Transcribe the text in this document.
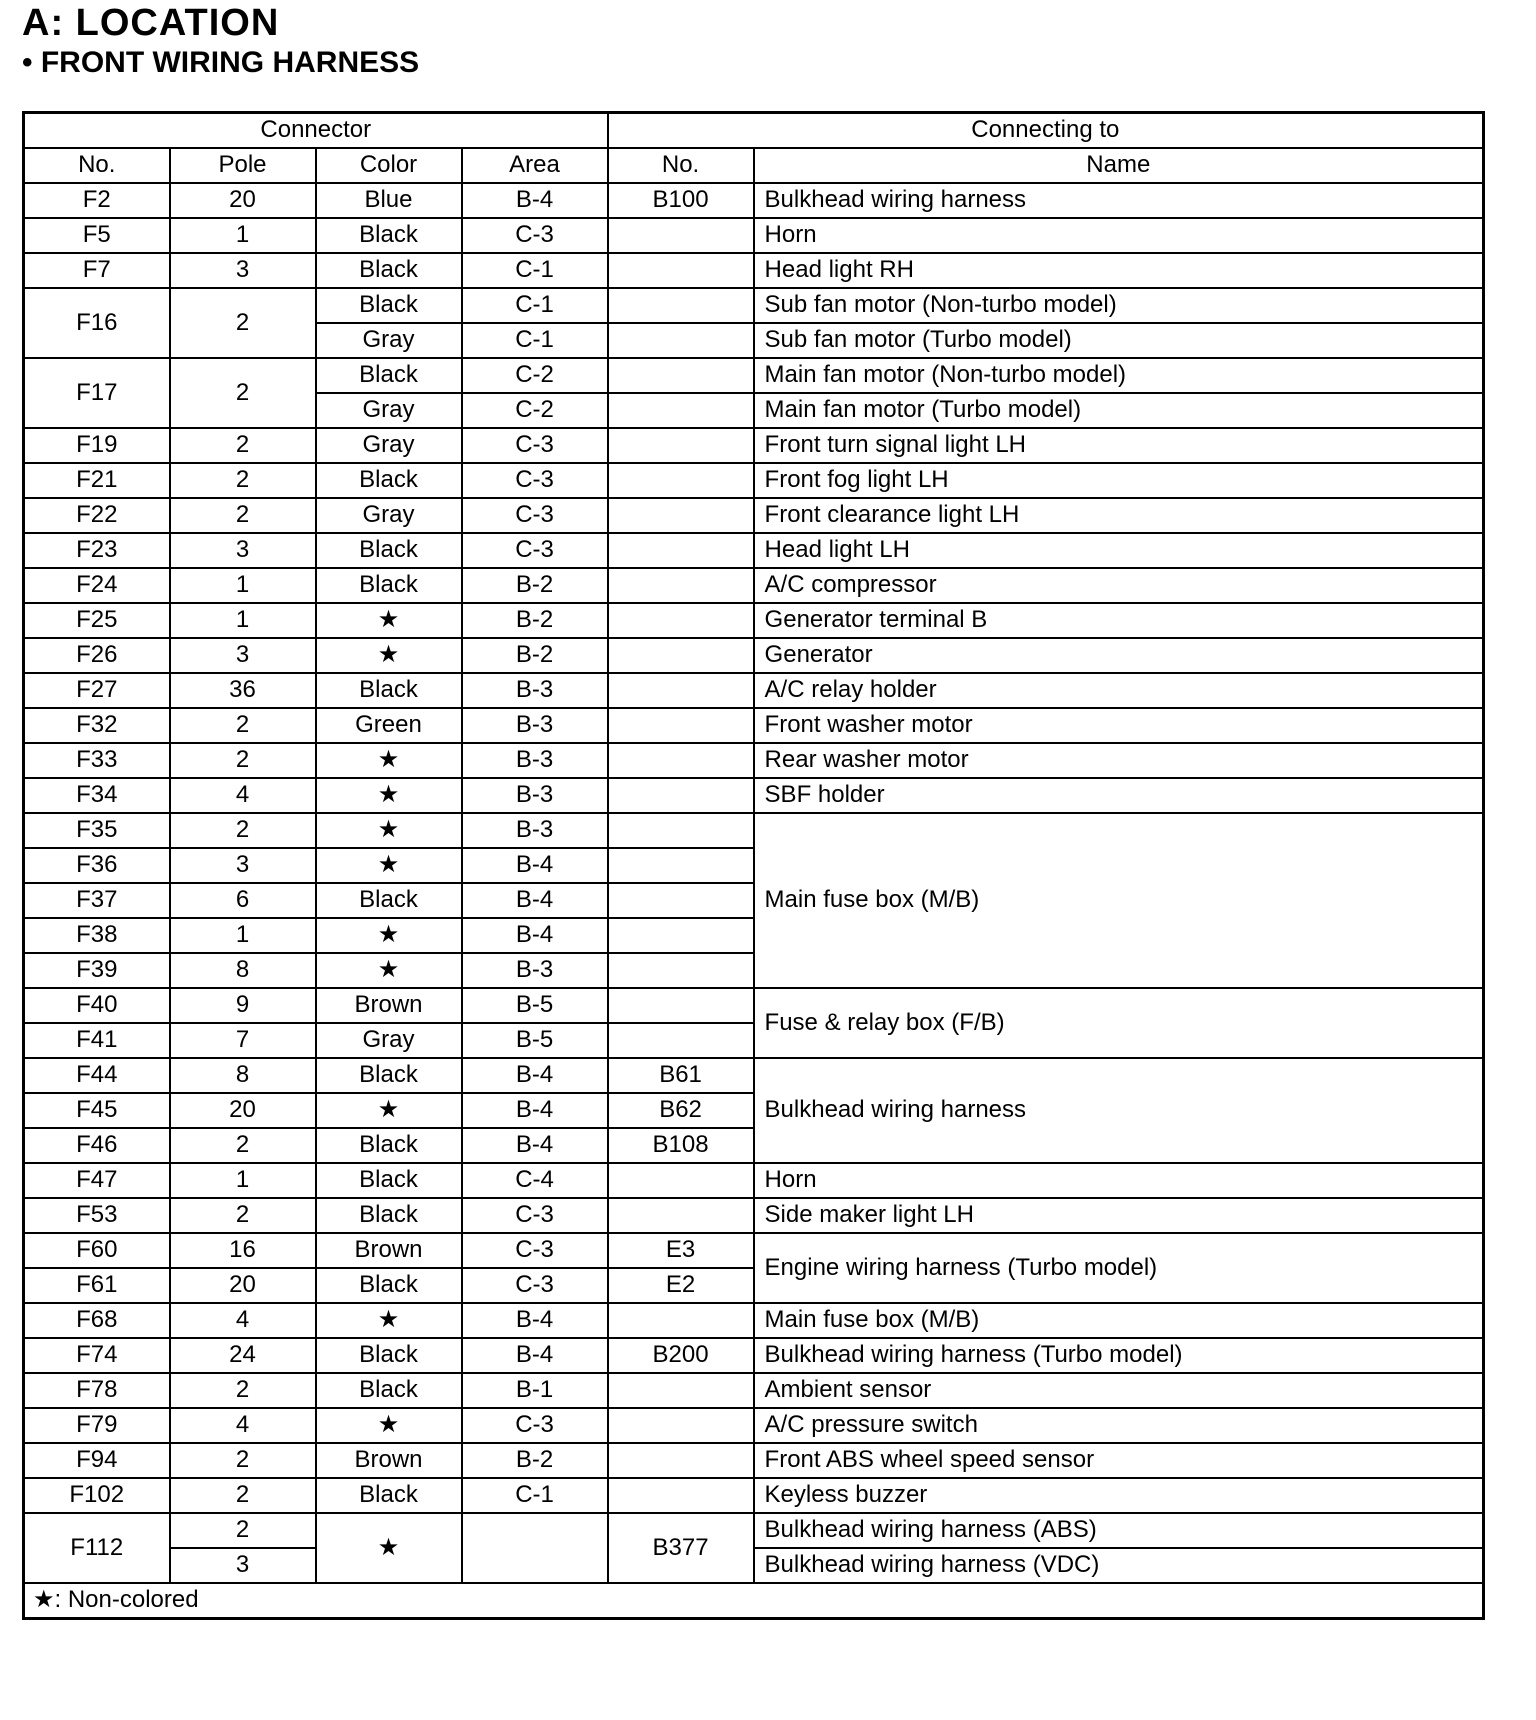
A: LOCATION
• FRONT WIRING HARNESS
Connector				Connecting to	
No.	Pole	Color	Area	No.	Name
F2	20	Blue	B-4	B100	Bulkhead wiring harness
F5	1	Black	C-3		Horn
F7	3	Black	C-1		Head light RH
F16	2	Black	C-1		Sub fan motor (Non-turbo model)
		Gray	C-1		Sub fan motor (Turbo model)
F17	2	Black	C-2		Main fan motor (Non-turbo model)
		Gray	C-2		Main fan motor (Turbo model)
F19	2	Gray	C-3		Front turn signal light LH
F21	2	Black	C-3		Front fog light LH
F22	2	Gray	C-3		Front clearance light LH
F23	3	Black	C-3		Head light LH
F24	1	Black	B-2		A/C compressor
F25	1	★	B-2		Generator terminal B
F26	3	★	B-2		Generator
F27	36	Black	B-3		A/C relay holder
F32	2	Green	B-3		Front washer motor
F33	2	★	B-3		Rear washer motor
F34	4	★	B-3		SBF holder
F35	2	★	B-3		Main fuse box (M/B)
F36	3	★	B-4		
F37	6	Black	B-4		
F38	1	★	B-4		
F39	8	★	B-3		
F40	9	Brown	B-5		Fuse & relay box (F/B)
F41	7	Gray	B-5		
F44	8	Black	B-4	B61	Bulkhead wiring harness
F45	20	★	B-4	B62	
F46	2	Black	B-4	B108	
F47	1	Black	C-4		Horn
F53	2	Black	C-3		Side maker light LH
F60	16	Brown	C-3	E3	Engine wiring harness (Turbo model)
F61	20	Black	C-3	E2	
F68	4	★	B-4		Main fuse box (M/B)
F74	24	Black	B-4	B200	Bulkhead wiring harness (Turbo model)
F78	2	Black	B-1		Ambient sensor
F79	4	★	C-3		A/C pressure switch
F94	2	Brown	B-2		Front ABS wheel speed sensor
F102	2	Black	C-1		Keyless buzzer
F112	2	★		B377	Bulkhead wiring harness (ABS)
	3				Bulkhead wiring harness (VDC)
★: Non-colored					
